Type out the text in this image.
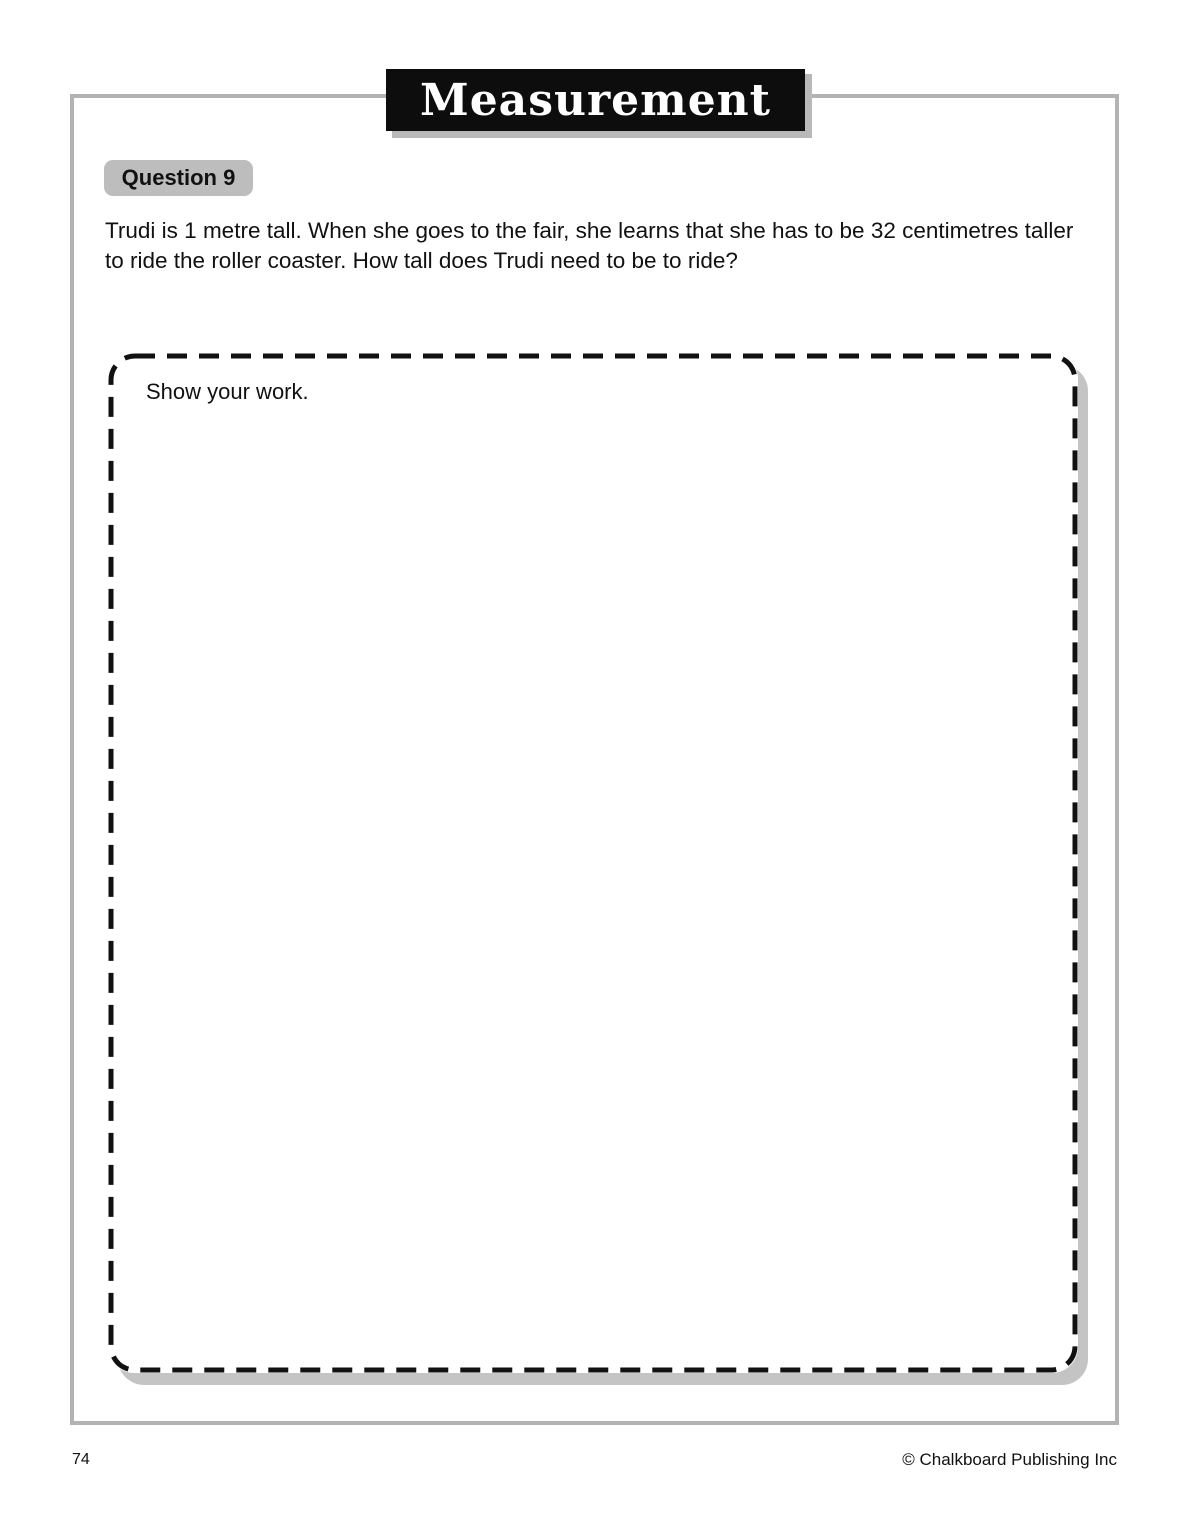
Measurement
Question 9
Trudi is 1 metre tall. When she goes to the fair, she learns that she has to be 32 centimetres taller to ride the roller coaster. How tall does Trudi need to be to ride?
Show your work.
74	© Chalkboard Publishing Inc
